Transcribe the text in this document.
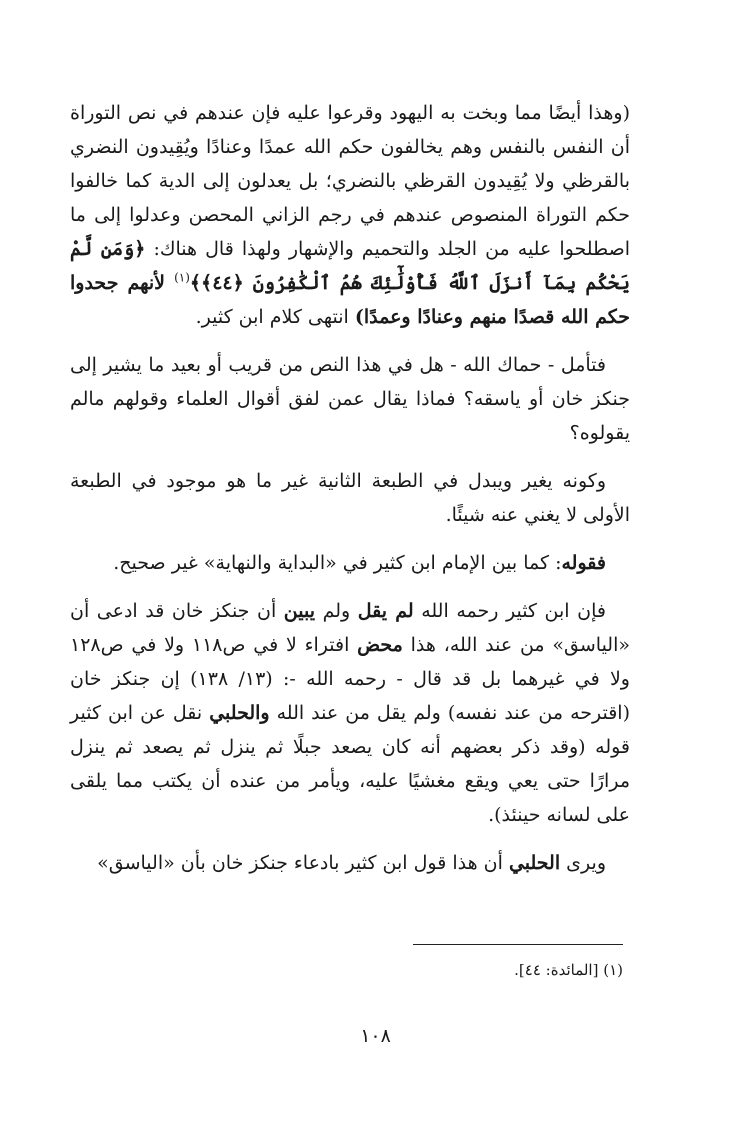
(وهذا أيضًا مما وبخت به اليهود وقرعوا عليه فإن عندهم في نص التوراة أن النفس بالنفس وهم يخالفون حكم الله عمدًا وعنادًا ويُقِيدون النضري بالقرظي ولا يُقِيدون القرظي بالنضري؛ بل يعدلون إلى الدية كما خالفوا حكم التوراة المنصوص عندهم في رجم الزاني المحصن وعدلوا إلى ما اصطلحوا عليه من الجلد والتحميم والإشهار ولهذا قال هناك: ﴿وَمَن لَّمْ يَحْكُم بِمَآ أَنزَلَ ٱللَّهُ فَأُوْلَٰٓئِكَ هُمُ ٱلْكَٰفِرُونَ ﴿٤٤﴾﴾$^{(١)}$ لأنهم جحدوا حكم الله قصدًا منهم وعنادًا وعمدًا) انتهى كلام ابن كثير.

فتأمل - حماك الله - هل في هذا النص من قريب أو بعيد ما يشير إلى جنكز خان أو ياسقه؟ فماذا يقال عمن لفق أقوال العلماء وقولهم مالم يقولوه؟

وكونه يغير ويبدل في الطبعة الثانية غير ما هو موجود في الطبعة الأولى لا يغني عنه شيئًا.

فقوله: كما بين الإمام ابن كثير في «البداية والنهاية» غير صحيح.

فإن ابن كثير رحمه الله لم يقل ولم يبين أن جنكز خان قد ادعى أن «الياسق» من عند الله، هذا محض افتراء لا في ص١١٨ ولا في ص١٢٨ ولا في غيرهما بل قد قال - رحمه الله -: (١٣/ ١٣٨) إن جنكز خان (اقترحه من عند نفسه) ولم يقل من عند الله والحلبي نقل عن ابن كثير قوله (وقد ذكر بعضهم أنه كان يصعد جبلًا ثم ينزل ثم يصعد ثم ينزل مرارًا حتى يعي ويقع مغشيًا عليه، ويأمر من عنده أن يكتب مما يلقى على لسانه حينئذ).

ويرى الحلبي أن هذا قول ابن كثير بادعاء جنكز خان بأن «الياسق»

(١) [المائدة: ٤٤].
١٠٨
